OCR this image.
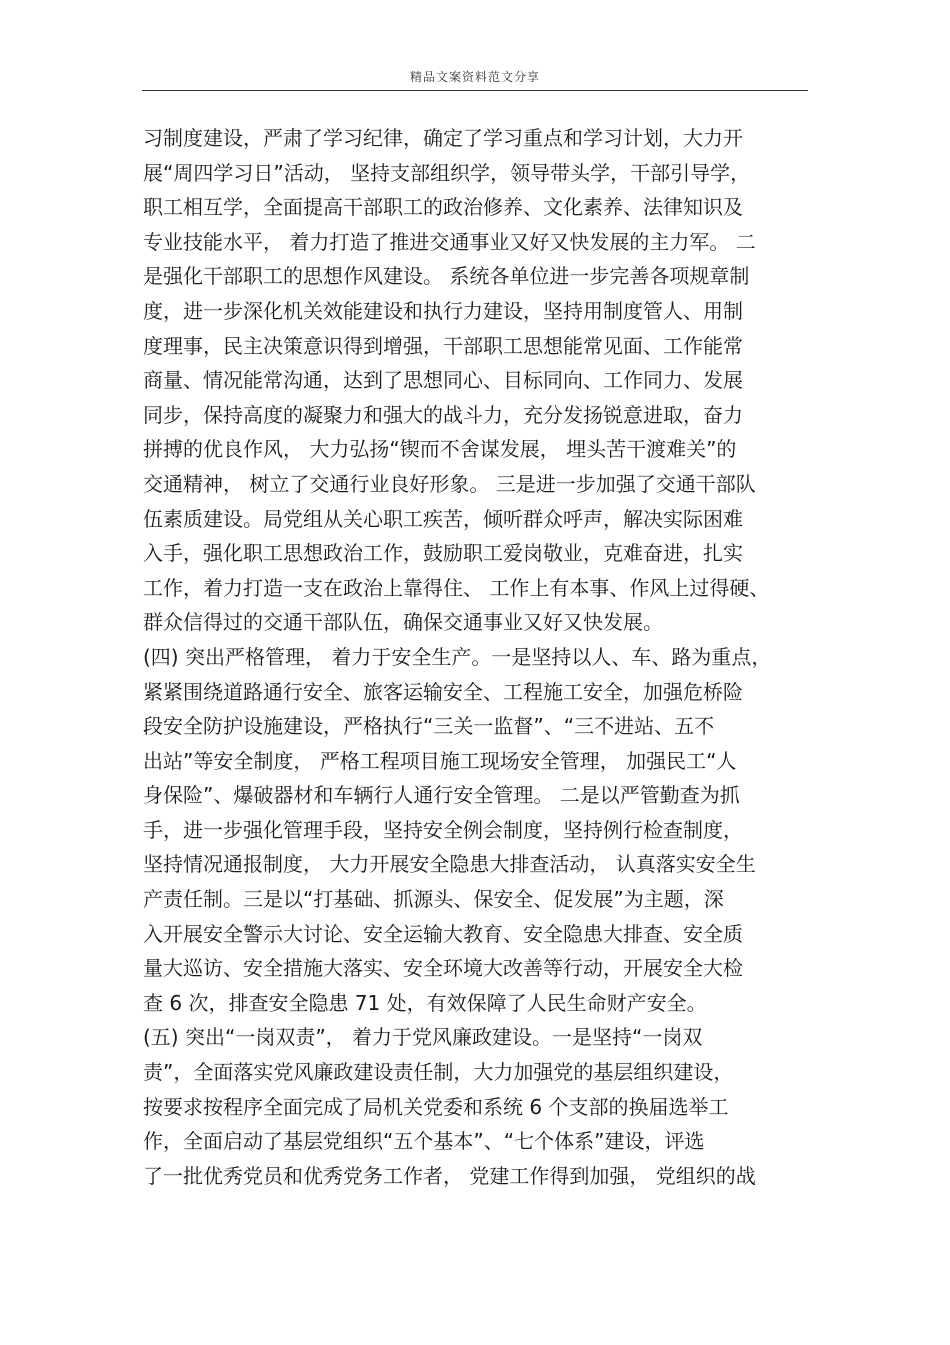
精品文案资料范文分享
习制度建设，严肃了学习纪律，确定了学习重点和学习计划，大力开
展“周四学习日”活动， 坚持支部组织学，领导带头学，干部引导学，
职工相互学，全面提高干部职工的政治修养、文化素养、法律知识及
专业技能水平， 着力打造了推进交通事业又好又快发展的主力军。 二
是强化干部职工的思想作风建设。 系统各单位进一步完善各项规章制
度，进一步深化机关效能建设和执行力建设，坚持用制度管人、用制
度理事，民主决策意识得到增强，干部职工思想能常见面、工作能常
商量、情况能常沟通，达到了思想同心、目标同向、工作同力、发展
同步，保持高度的凝聚力和强大的战斗力，充分发扬锐意进取，奋力
拼搏的优良作风， 大力弘扬“锲而不舍谋发展， 埋头苦干渡难关”的
交通精神， 树立了交通行业良好形象。 三是进一步加强了交通干部队
伍素质建设。局党组从关心职工疾苦，倾听群众呼声，解决实际困难
入手，强化职工思想政治工作，鼓励职工爱岗敬业，克难奋进，扎实
工作，着力打造一支在政治上靠得住、 工作上有本事、作风上过得硬、
群众信得过的交通干部队伍，确保交通事业又好又快发展。
(四) 突出严格管理， 着力于安全生产。一是坚持以人、车、路为重点，
紧紧围绕道路通行安全、旅客运输安全、工程施工安全，加强危桥险
段安全防护设施建设，严格执行“三关一监督”、“三不进站、五不
出站”等安全制度， 严格工程项目施工现场安全管理， 加强民工“人
身保险”、爆破器材和车辆行人通行安全管理。 二是以严管勤查为抓
手，进一步强化管理手段，坚持安全例会制度，坚持例行检查制度，
坚持情况通报制度， 大力开展安全隐患大排查活动， 认真落实安全生
产责任制。三是以“打基础、抓源头、保安全、促发展”为主题，深
入开展安全警示大讨论、安全运输大教育、安全隐患大排查、安全质
量大巡访、安全措施大落实、安全环境大改善等行动，开展安全大检
查 6 次，排查安全隐患 71 处，有效保障了人民生命财产安全。
(五) 突出“一岗双责”， 着力于党风廉政建设。一是坚持“一岗双
责”，全面落实党风廉政建设责任制，大力加强党的基层组织建设，
按要求按程序全面完成了局机关党委和系统 6 个支部的换届选举工
作，全面启动了基层党组织“五个基本”、“七个体系”建设，评选
了一批优秀党员和优秀党务工作者， 党建工作得到加强， 党组织的战
